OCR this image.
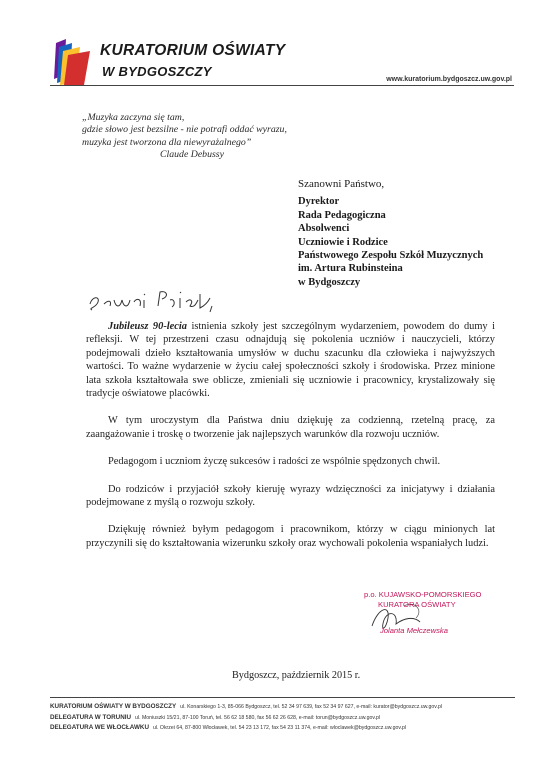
KURATORIUM OŚWIATY
W BYDGOSZCZY
www.kuratorium.bydgoszcz.uw.gov.pl
„Muzyka zaczyna się tam,
gdzie słowo jest bezsilne - nie potrafi oddać wyrazu,
muzyka jest tworzona dla niewyrażalnego”
Claude Debussy
Szanowni Państwo,
Dyrektor
Rada Pedagogiczna
Absolwenci
Uczniowie i Rodzice
Państwowego Zespołu Szkół Muzycznych
im. Artura Rubinsteina
w Bydgoszczy

Jubileusz 90-lecia istnienia szkoły jest szczególnym wydarzeniem, powodem do dumy i refleksji. W tej przestrzeni czasu odnajdują się pokolenia uczniów i nauczycieli, którzy podejmowali dzieło kształtowania umysłów w duchu szacunku dla człowieka i najwyższych wartości. To ważne wydarzenie w życiu całej społeczności szkoły i środowiska. Przez minione lata szkoła kształtowała swe oblicze, zmieniali się uczniowie i pracownicy, krystalizowały się tradycje oświatowe placówki.

W tym uroczystym dla Państwa dniu dziękuję za codzienną, rzetelną pracę, za zaangażowanie i troskę o tworzenie jak najlepszych warunków dla rozwoju uczniów.

Pedagogom i uczniom życzę sukcesów i radości ze wspólnie spędzonych chwil.

Do rodziców i przyjaciół szkoły kieruję wyrazy wdzięczności za inicjatywy i działania podejmowane z myślą o rozwoju szkoły.

Dziękuję również byłym pedagogom i pracownikom, którzy w ciągu minionych lat przyczynili się do kształtowania wizerunku szkoły oraz wychowali pokolenia wspaniałych ludzi.

p.o. KUJAWSKO-POMORSKIEGO
KURATORA OŚWIATY
Jolanta Mełczewska
Bydgoszcz, październik 2015 r.
KURATORIUM OŚWIATY W BYDGOSZCZY ul. Konarskiego 1-3, 85-066 Bydgoszcz, tel. 52 34 97 639, fax 52 34 97 627, e-mail: kurator@bydgoszcz.uw.gov.pl
DELEGATURA W TORUNIU ul. Moniuszki 15/21, 87-100 Toruń, tel. 56 62 18 580, fax 56 62 26 628, e-mail: torun@bydgoszcz.uw.gov.pl
DELEGATURA WE WŁOCŁAWKU ul. Okrzei 64, 87-800 Włocławek, tel. 54 23 13 172, fax 54 23 11 374, e-mail: wloclawek@bydgoszcz.uw.gov.pl
